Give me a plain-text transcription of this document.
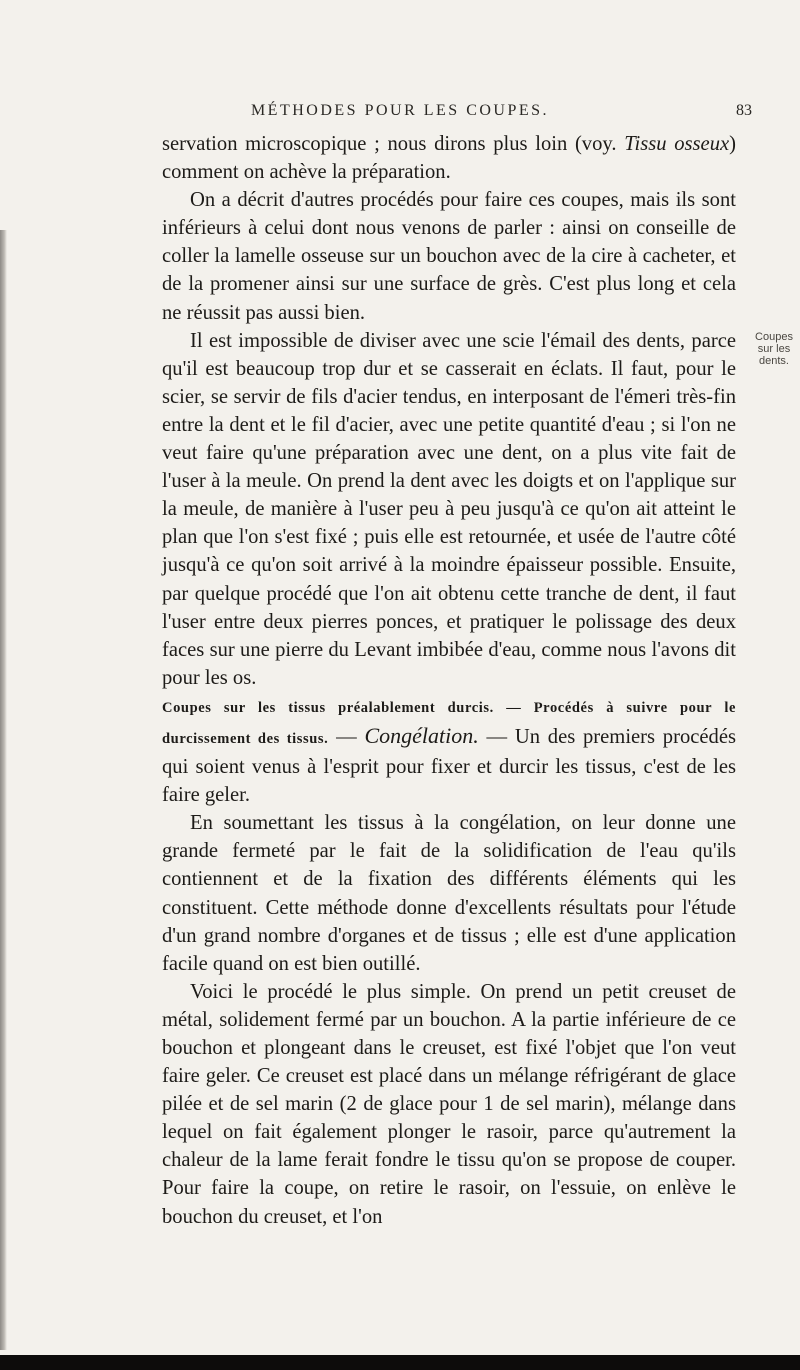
MÉTHODES POUR LES COUPES.	83
Coupes
sur les dents.

servation microscopique ; nous dirons plus loin (voy. Tissu osseux) comment on achève la préparation.

On a décrit d'autres procédés pour faire ces coupes, mais ils sont inférieurs à celui dont nous venons de parler : ainsi on conseille de coller la lamelle osseuse sur un bouchon avec de la cire à cacheter, et de la promener ainsi sur une surface de grès. C'est plus long et cela ne réussit pas aussi bien.

Il est impossible de diviser avec une scie l'émail des dents, parce qu'il est beaucoup trop dur et se casserait en éclats. Il faut, pour le scier, se servir de fils d'acier tendus, en interposant de l'émeri très-fin entre la dent et le fil d'acier, avec une petite quantité d'eau ; si l'on ne veut faire qu'une préparation avec une dent, on a plus vite fait de l'user à la meule. On prend la dent avec les doigts et on l'applique sur la meule, de manière à l'user peu à peu jusqu'à ce qu'on ait atteint le plan que l'on s'est fixé ; puis elle est retournée, et usée de l'autre côté jusqu'à ce qu'on soit arrivé à la moindre épaisseur possible. Ensuite, par quelque procédé que l'on ait obtenu cette tranche de dent, il faut l'user entre deux pierres ponces, et pratiquer le polissage des deux faces sur une pierre du Levant imbibée d'eau, comme nous l'avons dit pour les os.

Coupes sur les tissus préalablement durcis. — Procédés à suivre pour le durcissement des tissus. — Congélation. — Un des premiers procédés qui soient venus à l'esprit pour fixer et durcir les tissus, c'est de les faire geler.

En soumettant les tissus à la congélation, on leur donne une grande fermeté par le fait de la solidification de l'eau qu'ils contiennent et de la fixation des différents éléments qui les constituent. Cette méthode donne d'excellents résultats pour l'étude d'un grand nombre d'organes et de tissus ; elle est d'une application facile quand on est bien outillé.

Voici le procédé le plus simple. On prend un petit creuset de métal, solidement fermé par un bouchon. A la partie inférieure de ce bouchon et plongeant dans le creuset, est fixé l'objet que l'on veut faire geler. Ce creuset est placé dans un mélange réfrigérant de glace pilée et de sel marin (2 de glace pour 1 de sel marin), mélange dans lequel on fait également plonger le rasoir, parce qu'autrement la chaleur de la lame ferait fondre le tissu qu'on se propose de couper. Pour faire la coupe, on retire le rasoir, on l'essuie, on enlève le bouchon du creuset, et l'on
